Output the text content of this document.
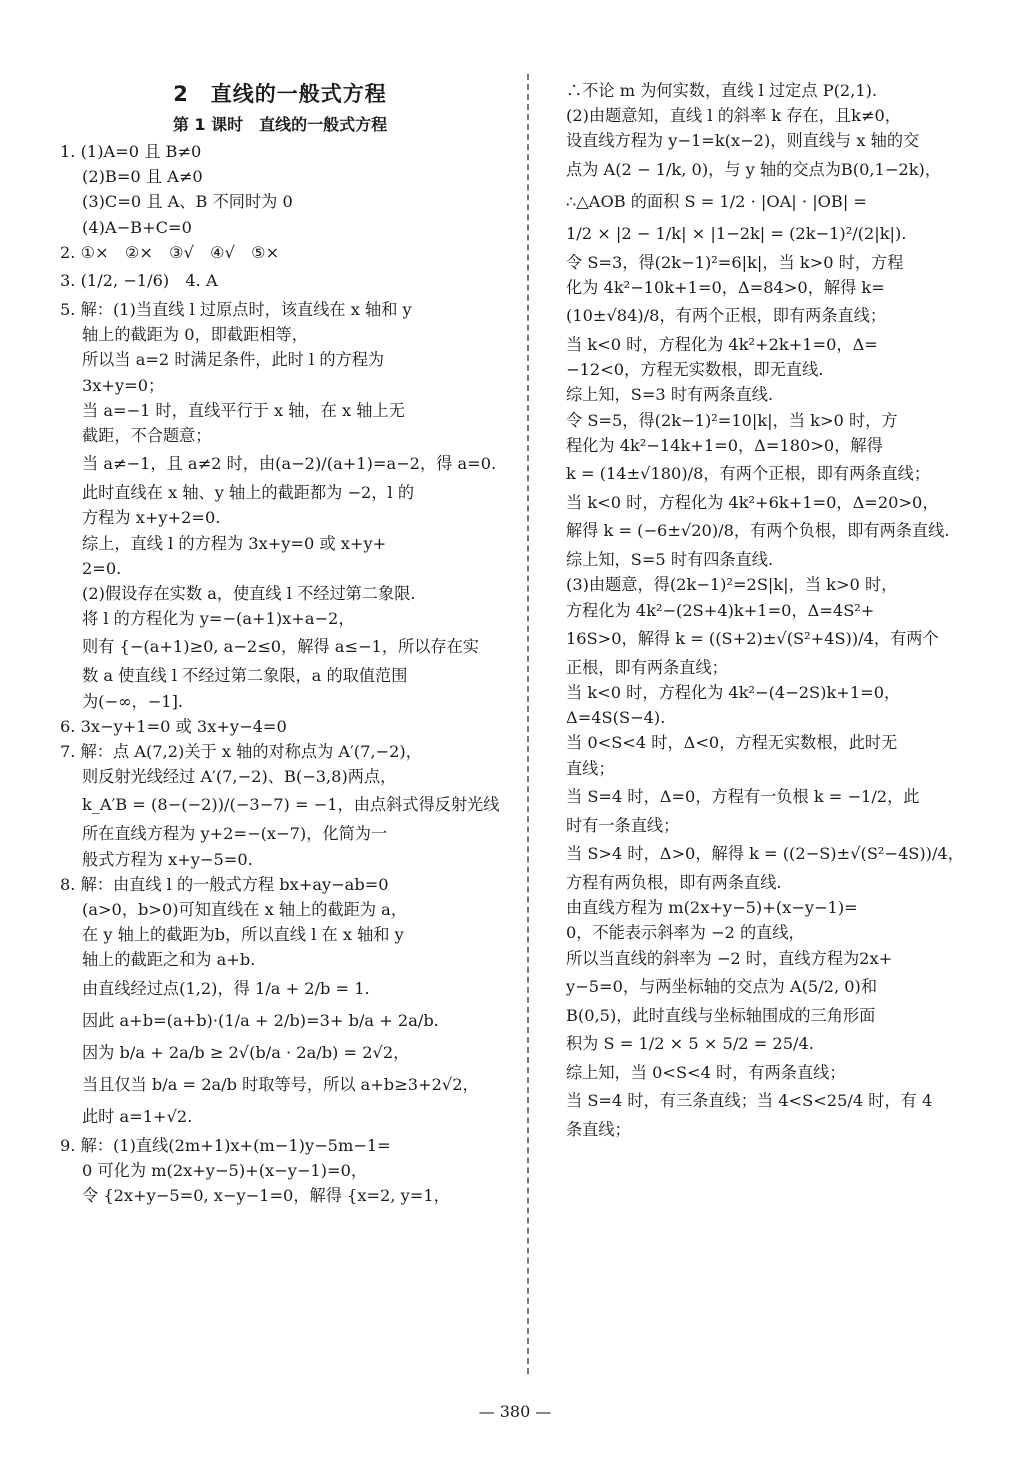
2　直线的一般式方程
第 1 课时　直线的一般式方程
1. (1)A=0 且 B≠0
(2)B=0 且 A≠0
(3)C=0 且 A、B 不同时为 0
(4)A−B+C=0
2. ①×　②×　③√　④√　⑤×
3. (1/2, −1/6)　4. A
5. 解：(1)当直线 l 过原点时，该直线在 x 轴和 y
轴上的截距为 0，即截距相等，
所以当 a=2 时满足条件，此时 l 的方程为
3x+y=0；
当 a=−1 时，直线平行于 x 轴，在 x 轴上无
截距，不合题意；
当 a≠−1，且 a≠2 时，由(a−2)/(a+1)=a−2，得 a=0.
此时直线在 x 轴、y 轴上的截距都为 −2，l 的
方程为 x+y+2=0.
综上，直线 l 的方程为 3x+y=0 或 x+y+
2=0.
(2)假设存在实数 a，使直线 l 不经过第二象限.
将 l 的方程化为 y=−(a+1)x+a−2，
则有 {−(a+1)≥0, a−2≤0，解得 a≤−1，所以存在实
数 a 使直线 l 不经过第二象限，a 的取值范围
为(−∞，−1].
6. 3x−y+1=0 或 3x+y−4=0
7. 解：点 A(7,2)关于 x 轴的对称点为 A′(7,−2)，
则反射光线经过 A′(7,−2)、B(−3,8)两点，
k_A′B = (8−(−2))/(−3−7) = −1，由点斜式得反射光线
所在直线方程为 y+2=−(x−7)，化简为一
般式方程为 x+y−5=0.
8. 解：由直线 l 的一般式方程 bx+ay−ab=0
(a>0，b>0)可知直线在 x 轴上的截距为 a，
在 y 轴上的截距为b，所以直线 l 在 x 轴和 y
轴上的截距之和为 a+b.
由直线经过点(1,2)，得 1/a + 2/b = 1.
因此 a+b=(a+b)·(1/a + 2/b)=3+ b/a + 2a/b.
因为 b/a + 2a/b ≥ 2√(b/a · 2a/b) = 2√2，
当且仅当 b/a = 2a/b 时取等号，所以 a+b≥3+2√2，
此时 a=1+√2.
9. 解：(1)直线(2m+1)x+(m−1)y−5m−1=
0 可化为 m(2x+y−5)+(x−y−1)=0，
令 {2x+y−5=0, x−y−1=0，解得 {x=2, y=1，
∴不论 m 为何实数，直线 l 过定点 P(2,1).
(2)由题意知，直线 l 的斜率 k 存在，且k≠0，
设直线方程为 y−1=k(x−2)，则直线与 x 轴的交
点为 A(2 − 1/k, 0)，与 y 轴的交点为B(0,1−2k)，
∴△AOB 的面积 S = 1/2 · |OA| · |OB| =
1/2 × |2 − 1/k| × |1−2k| = (2k−1)²/(2|k|).
令 S=3，得(2k−1)²=6|k|，当 k>0 时，方程
化为 4k²−10k+1=0，Δ=84>0，解得 k=
(10±√84)/8，有两个正根，即有两条直线；
当 k<0 时，方程化为 4k²+2k+1=0，Δ=
−12<0，方程无实数根，即无直线.
综上知，S=3 时有两条直线.
令 S=5，得(2k−1)²=10|k|，当 k>0 时，方
程化为 4k²−14k+1=0，Δ=180>0，解得
k = (14±√180)/8，有两个正根，即有两条直线；
当 k<0 时，方程化为 4k²+6k+1=0，Δ=20>0，
解得 k = (−6±√20)/8，有两个负根，即有两条直线.
综上知，S=5 时有四条直线.
(3)由题意，得(2k−1)²=2S|k|，当 k>0 时，
方程化为 4k²−(2S+4)k+1=0，Δ=4S²+
16S>0，解得 k = ((S+2)±√(S²+4S))/4，有两个
正根，即有两条直线；
当 k<0 时，方程化为 4k²−(4−2S)k+1=0，
Δ=4S(S−4).
当 0<S<4 时，Δ<0，方程无实数根，此时无
直线；
当 S=4 时，Δ=0，方程有一负根 k = −1/2，此
时有一条直线；
当 S>4 时，Δ>0，解得 k = ((2−S)±√(S²−4S))/4，
方程有两负根，即有两条直线.
由直线方程为 m(2x+y−5)+(x−y−1)=
0，不能表示斜率为 −2 的直线，
所以当直线的斜率为 −2 时，直线方程为2x+
y−5=0，与两坐标轴的交点为 A(5/2, 0)和
B(0,5)，此时直线与坐标轴围成的三角形面
积为 S = 1/2 × 5 × 5/2 = 25/4.
综上知，当 0<S<4 时，有两条直线；
当 S=4 时，有三条直线；当 4<S<25/4 时，有 4
条直线；
— 380 —
